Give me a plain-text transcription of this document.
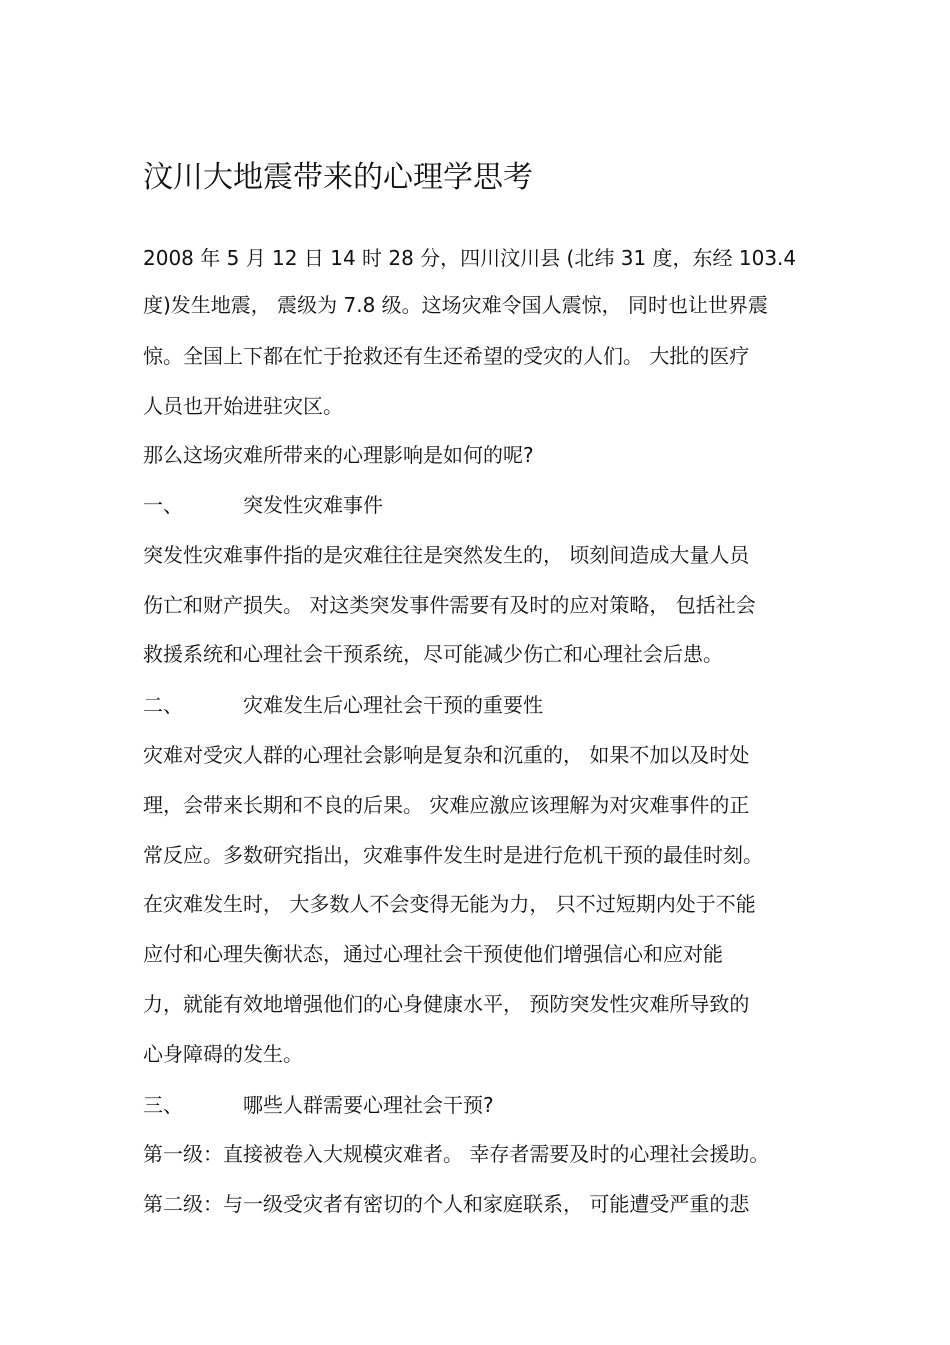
汶川大地震带来的心理学思考
2008 年 5 月 12 日 14 时 28 分，四川汶川县 (北纬 31 度，东经 103.4
度)发生地震， 震级为 7.8 级。这场灾难令国人震惊， 同时也让世界震
惊。全国上下都在忙于抢救还有生还希望的受灾的人们。 大批的医疗
人员也开始进驻灾区。
那么这场灾难所带来的心理影响是如何的呢?
一、	突发性灾难事件
突发性灾难事件指的是灾难往往是突然发生的， 顷刻间造成大量人员
伤亡和财产损失。 对这类突发事件需要有及时的应对策略， 包括社会
救援系统和心理社会干预系统，尽可能减少伤亡和心理社会后患。
二、	灾难发生后心理社会干预的重要性
灾难对受灾人群的心理社会影响是复杂和沉重的， 如果不加以及时处
理，会带来长期和不良的后果。 灾难应激应该理解为对灾难事件的正
常反应。多数研究指出，灾难事件发生时是进行危机干预的最佳时刻。
在灾难发生时， 大多数人不会变得无能为力， 只不过短期内处于不能
应付和心理失衡状态，通过心理社会干预使他们增强信心和应对能
力，就能有效地增强他们的心身健康水平， 预防突发性灾难所导致的
心身障碍的发生。
三、	哪些人群需要心理社会干预?
第一级：直接被卷入大规模灾难者。 幸存者需要及时的心理社会援助。
第二级：与一级受灾者有密切的个人和家庭联系， 可能遭受严重的悲
